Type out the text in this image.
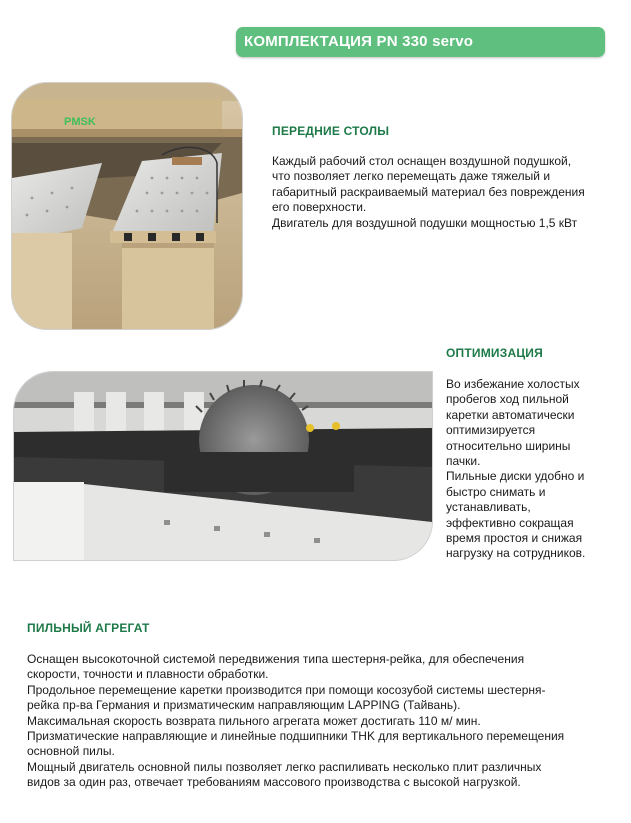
КОМПЛЕКТАЦИЯ PN 330 servo
PMSK
ПЕРЕДНИЕ СТОЛЫ
Каждый рабочий стол оснащен воздушной подушкой,
что позволяет легко перемещать даже тяжелый и
габаритный раскраиваемый материал без повреждения
его поверхности.
Двигатель для воздушной подушки мощностью 1,5 кВт
ОПТИМИЗАЦИЯ
Во избежание холостых
пробегов ход пильной
каретки автоматически
оптимизируется
относительно ширины
пачки.
Пильные диски удобно и
быстро снимать и
устанавливать,
эффективно сокращая
время простоя и снижая
нагрузку на сотрудников.
ПИЛЬНЫЙ АГРЕГАТ
Оснащен высокоточной системой передвижения типа шестерня-рейка, для обеспечения
скорости, точности и плавности обработки.
Продольное перемещение каретки производится при помощи косозубой системы шестерня-
рейка пр-ва Германия и призматическим направляющим LAPPING (Тайвань).
Максимальная скорость возврата пильного агрегата может достигать 110 м/ мин.
Призматические направляющие и линейные подшипники THK для вертикального перемещения
основной пилы.
Мощный двигатель основной пилы позволяет легко распиливать несколько плит различных
видов за один раз, отвечает требованиям массового производства с высокой нагрузкой.
